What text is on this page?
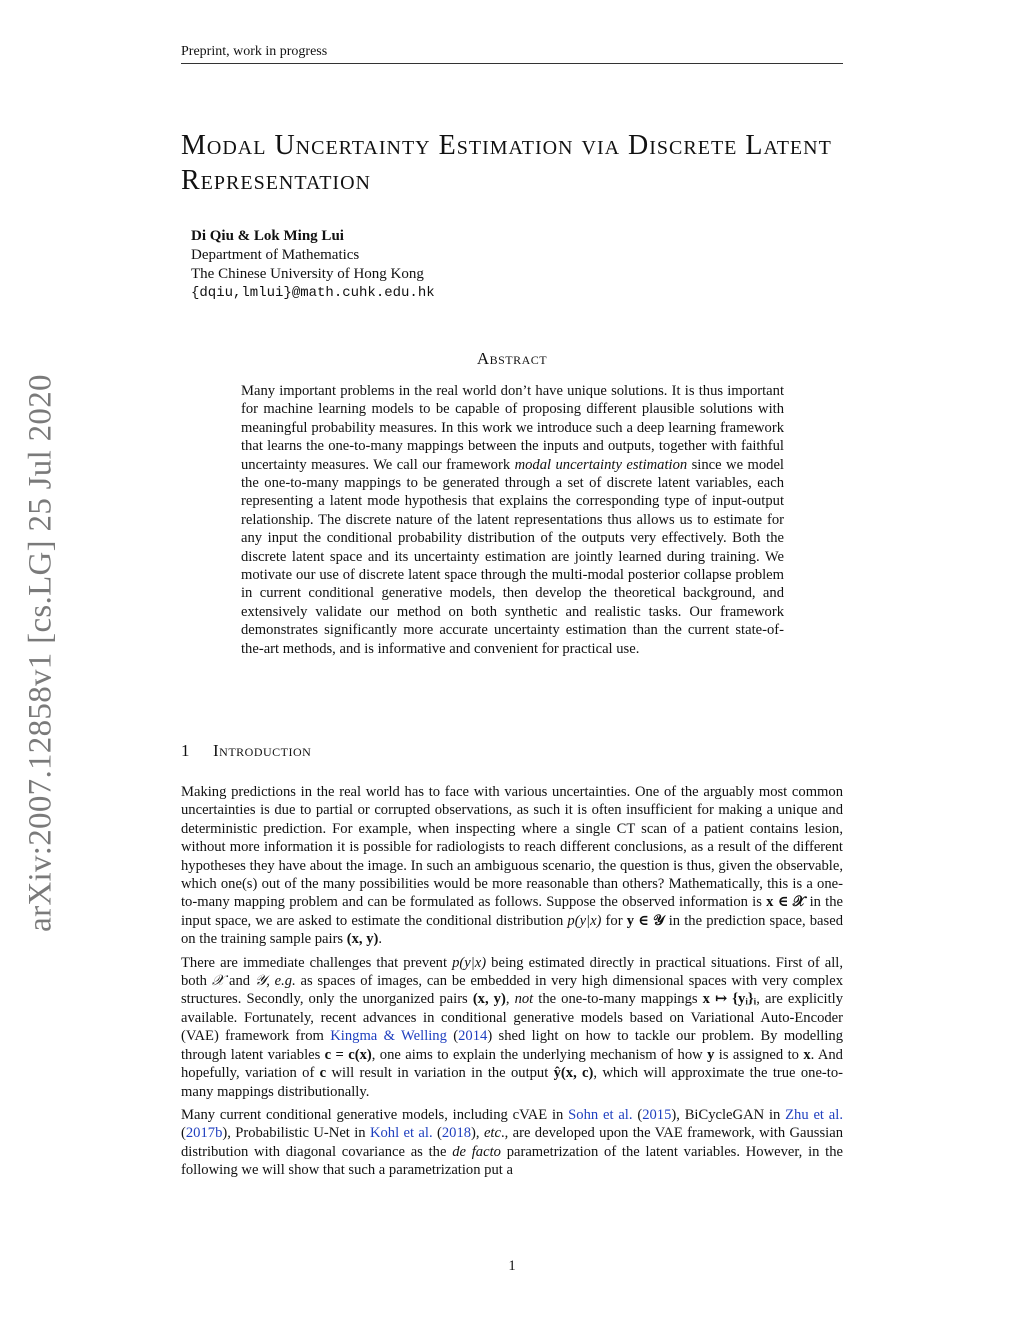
Preprint, work in progress
arXiv:2007.12858v1 [cs.LG] 25 Jul 2020
Modal Uncertainty Estimation via Discrete Latent Representation
Di Qiu & Lok Ming Lui
Department of Mathematics
The Chinese University of Hong Kong
{dqiu,lmlui}@math.cuhk.edu.hk
Abstract

Many important problems in the real world don’t have unique solutions. It is thus important for machine learning models to be capable of proposing different plausible solutions with meaningful probability measures. In this work we introduce such a deep learning framework that learns the one-to-many mappings between the inputs and outputs, together with faithful uncertainty measures. We call our framework modal uncertainty estimation since we model the one-to-many mappings to be generated through a set of discrete latent variables, each representing a latent mode hypothesis that explains the corresponding type of input-output relationship. The discrete nature of the latent representations thus allows us to estimate for any input the conditional probability distribution of the outputs very effectively. Both the discrete latent space and its uncertainty estimation are jointly learned during training. We motivate our use of discrete latent space through the multi-modal posterior collapse problem in current conditional generative models, then develop the theoretical background, and extensively validate our method on both synthetic and realistic tasks. Our framework demonstrates significantly more accurate uncertainty estimation than the current state-of-the-art methods, and is informative and convenient for practical use.

1 Introduction

Making predictions in the real world has to face with various uncertainties. One of the arguably most common uncertainties is due to partial or corrupted observations, as such it is often insufficient for making a unique and deterministic prediction. For example, when inspecting where a single CT scan of a patient contains lesion, without more information it is possible for radiologists to reach different conclusions, as a result of the different hypotheses they have about the image. In such an ambiguous scenario, the question is thus, given the observable, which one(s) out of the many possibilities would be more reasonable than others? Mathematically, this is a one-to-many mapping problem and can be formulated as follows. Suppose the observed information is x ∈ 𝒳 in the input space, we are asked to estimate the conditional distribution p(y|x) for y ∈ 𝒴 in the prediction space, based on the training sample pairs (x, y).

There are immediate challenges that prevent p(y|x) being estimated directly in practical situations. First of all, both 𝒳 and 𝒴, e.g. as spaces of images, can be embedded in very high dimensional spaces with very complex structures. Secondly, only the unorganized pairs (x, y), not the one-to-many mappings x ↦ {yᵢ}ᵢ, are explicitly available. Fortunately, recent advances in conditional generative models based on Variational Auto-Encoder (VAE) framework from Kingma & Welling (2014) shed light on how to tackle our problem. By modelling through latent variables c = c(x), one aims to explain the underlying mechanism of how y is assigned to x. And hopefully, variation of c will result in variation in the output ŷ(x, c), which will approximate the true one-to-many mappings distributionally.

Many current conditional generative models, including cVAE in Sohn et al. (2015), BiCycleGAN in Zhu et al. (2017b), Probabilistic U-Net in Kohl et al. (2018), etc., are developed upon the VAE framework, with Gaussian distribution with diagonal covariance as the de facto parametrization of the latent variables. However, in the following we will show that such a parametrization put a

1
